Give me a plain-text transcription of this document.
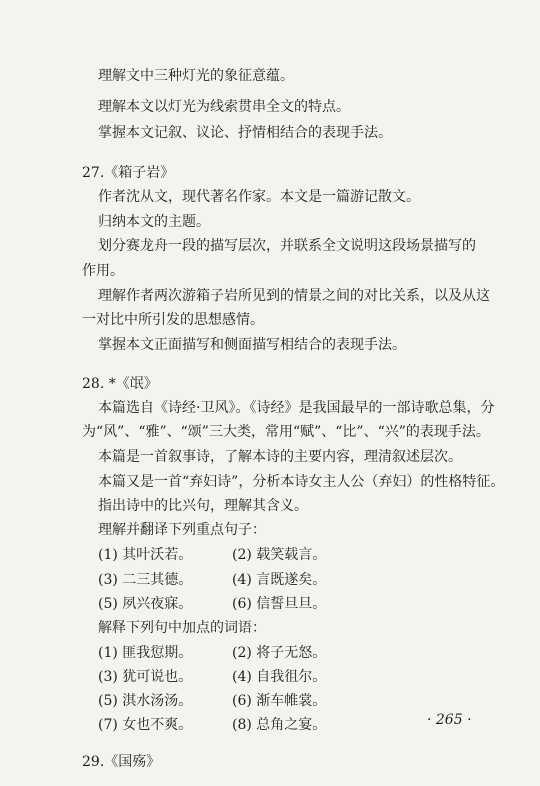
理解文中三种灯光的象征意蕴。
理解本文以灯光为线索贯串全文的特点。
掌握本文记叙、议论、抒情相结合的表现手法。
27.《箱子岩》
作者沈从文，现代著名作家。本文是一篇游记散文。
归纳本文的主题。
划分赛龙舟一段的描写层次，并联系全文说明这段场景描写的
作用。
理解作者两次游箱子岩所见到的情景之间的对比关系，以及从这
一对比中所引发的思想感情。
掌握本文正面描写和侧面描写相结合的表现手法。
28. *《氓》
本篇选自《诗经·卫风》。《诗经》是我国最早的一部诗歌总集，分
为“风”、“雅”、“颂”三大类，常用“赋”、“比”、“兴”的表现手法。
本篇是一首叙事诗，了解本诗的主要内容，理清叙述层次。
本篇又是一首“弃妇诗”，分析本诗女主人公（弃妇）的性格特征。
指出诗中的比兴句，理解其含义。
理解并翻译下列重点句子：
(1) 其叶沃若。	(2) 载笑载言。
(3) 二三其德。	(4) 言既遂矣。
(5) 夙兴夜寐。	(6) 信誓旦旦。
解释下列句中加点的词语：
(1) 匪我愆期。	(2) 将子无怒。
(3) 犹可说也。	(4) 自我徂尔。
(5) 淇水汤汤。	(6) 渐车帷裳。
(7) 女也不爽。	(8) 总角之宴。
29.《国殇》
· 265 ·
